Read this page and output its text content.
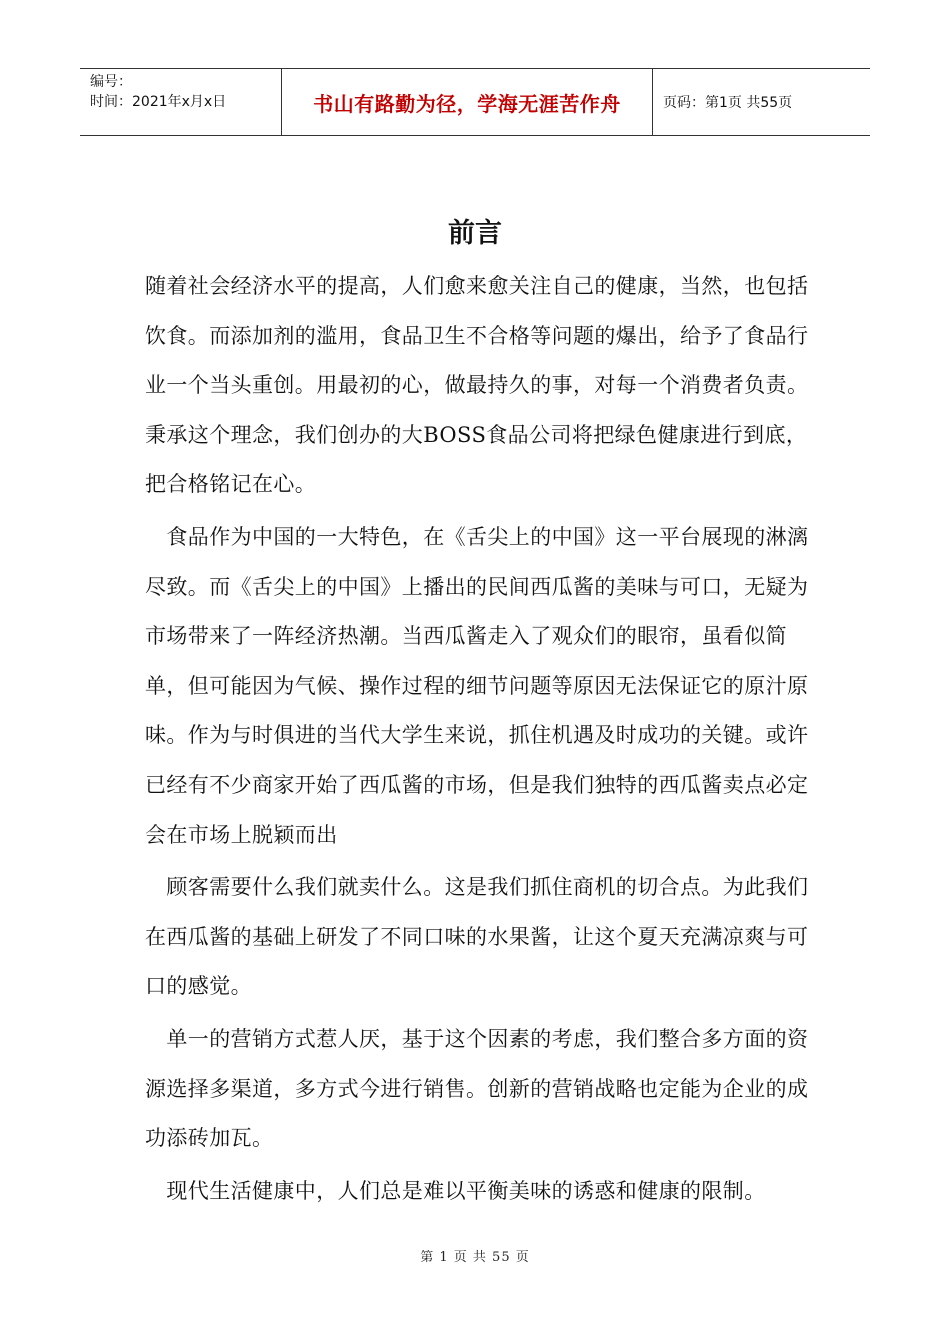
编号：
时间：2021年x月x日	书山有路勤为径，学海无涯苦作舟	页码：第1页 共55页
前言

随着社会经济水平的提高，人们愈来愈关注自己的健康，当然，也包括饮食。而添加剂的滥用，食品卫生不合格等问题的爆出，给予了食品行业一个当头重创。用最初的心，做最持久的事，对每一个消费者负责。秉承这个理念，我们创办的大BOSS食品公司将把绿色健康进行到底，把合格铭记在心。

　食品作为中国的一大特色，在《舌尖上的中国》这一平台展现的淋漓尽致。而《舌尖上的中国》上播出的民间西瓜酱的美味与可口，无疑为市场带来了一阵经济热潮。当西瓜酱走入了观众们的眼帘，虽看似简单，但可能因为气候、操作过程的细节问题等原因无法保证它的原汁原味。作为与时俱进的当代大学生来说，抓住机遇及时成功的关键。或许已经有不少商家开始了西瓜酱的市场，但是我们独特的西瓜酱卖点必定会在市场上脱颖而出

　顾客需要什么我们就卖什么。这是我们抓住商机的切合点。为此我们在西瓜酱的基础上研发了不同口味的水果酱，让这个夏天充满凉爽与可口的感觉。

　单一的营销方式惹人厌，基于这个因素的考虑，我们整合多方面的资源选择多渠道，多方式今进行销售。创新的营销战略也定能为企业的成功添砖加瓦。

　现代生活健康中，人们总是难以平衡美味的诱惑和健康的限制。

第 1 页 共 55 页
